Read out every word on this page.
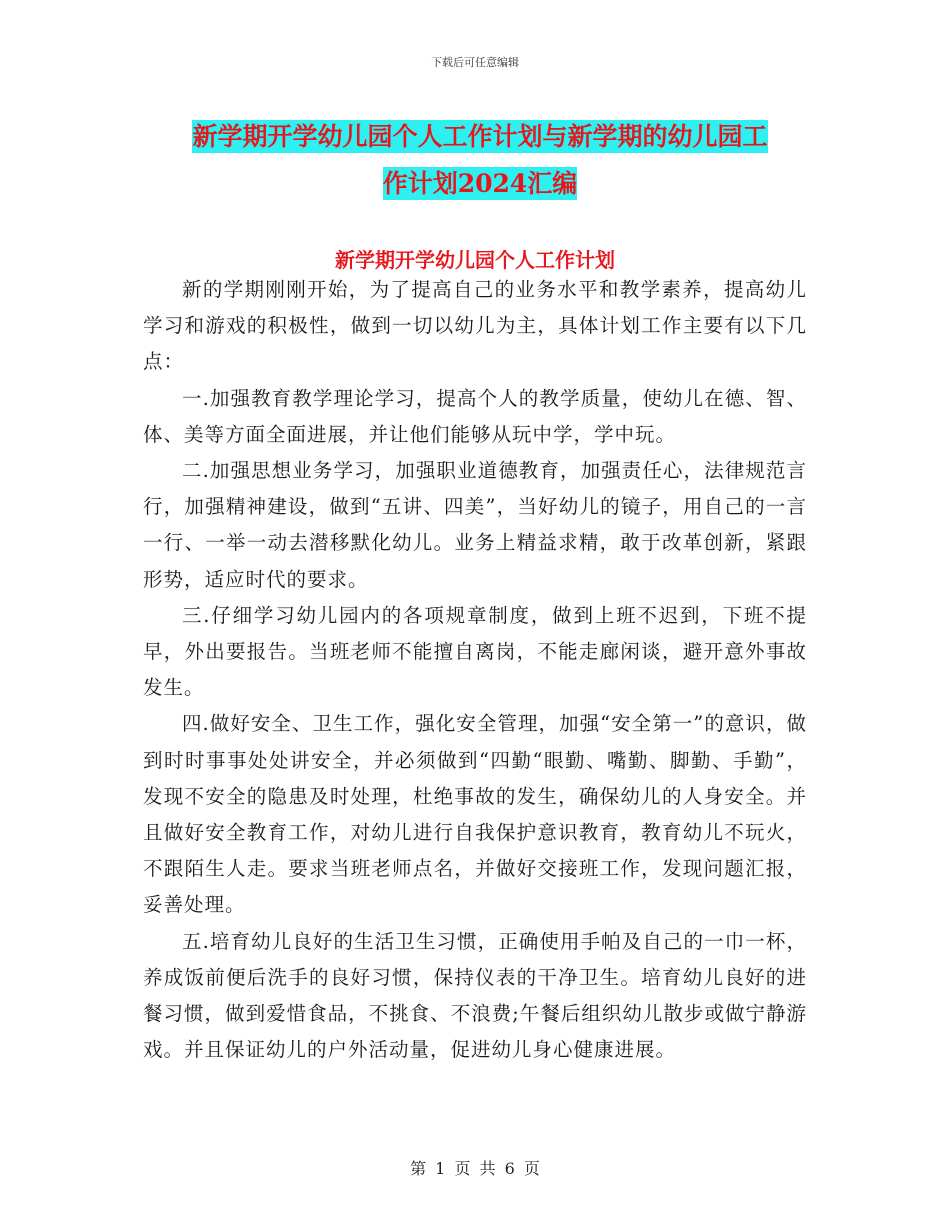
下载后可任意编辑
新学期开学幼儿园个人工作计划与新学期的幼儿园工
作计划2024汇编
新学期开学幼儿园个人工作计划

新的学期刚刚开始，为了提高自己的业务水平和教学素养，提高幼儿学习和游戏的积极性，做到一切以幼儿为主，具体计划工作主要有以下几点：

一.加强教育教学理论学习，提高个人的教学质量，使幼儿在德、智、体、美等方面全面进展，并让他们能够从玩中学，学中玩。

二.加强思想业务学习，加强职业道德教育，加强责任心，法律规范言行，加强精神建设，做到“五讲、四美”，当好幼儿的镜子，用自己的一言一行、一举一动去潜移默化幼儿。业务上精益求精，敢于改革创新，紧跟形势，适应时代的要求。

三.仔细学习幼儿园内的各项规章制度，做到上班不迟到，下班不提早，外出要报告。当班老师不能擅自离岗，不能走廊闲谈，避开意外事故发生。

四.做好安全、卫生工作，强化安全管理，加强“安全第一”的意识，做到时时事事处处讲安全，并必须做到“四勤“眼勤、嘴勤、脚勤、手勤”，发现不安全的隐患及时处理，杜绝事故的发生，确保幼儿的人身安全。并且做好安全教育工作，对幼儿进行自我保护意识教育，教育幼儿不玩火，不跟陌生人走。要求当班老师点名，并做好交接班工作，发现问题汇报，妥善处理。

五.培育幼儿良好的生活卫生习惯，正确使用手帕及自己的一巾一杯，养成饭前便后洗手的良好习惯，保持仪表的干净卫生。培育幼儿良好的进餐习惯，做到爱惜食品，不挑食、不浪费;午餐后组织幼儿散步或做宁静游戏。并且保证幼儿的户外活动量，促进幼儿身心健康进展。

第 1 页 共 6 页
